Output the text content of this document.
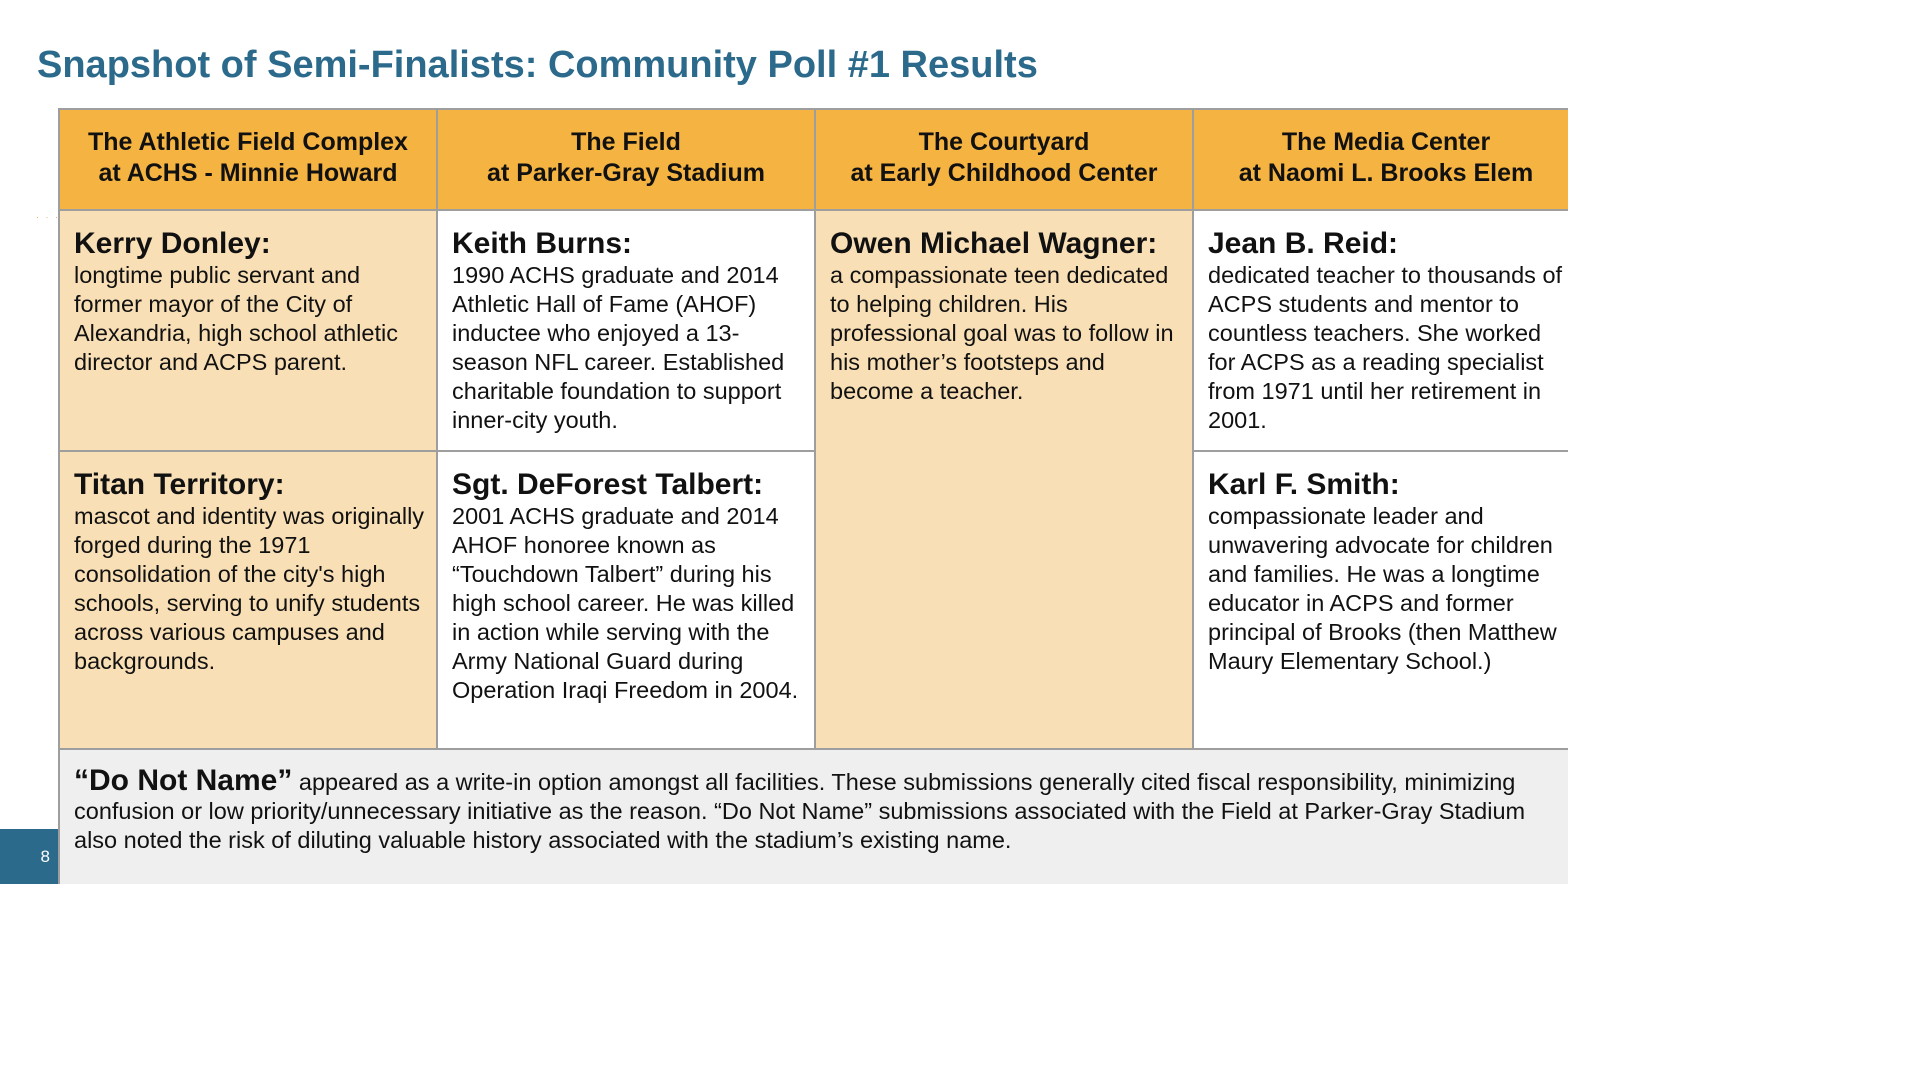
Snapshot of Semi-Finalists: Community Poll #1 Results
· · ·
The Athletic Field Complex
at ACHS - Minnie Howard
The Field
at Parker-Gray Stadium
The Courtyard
at Early Childhood Center
The Media Center
at Naomi L. Brooks Elem
Kerry Donley:
longtime public servant and former mayor of the City of Alexandria, high school athletic director and ACPS parent.
Keith Burns:
1990 ACHS graduate and 2014 Athletic Hall of Fame (AHOF) inductee who enjoyed a 13-season NFL career. Established charitable foundation to support inner-city youth.
Owen Michael Wagner:
a compassionate teen dedicated to helping children. His professional goal was to follow in his mother’s footsteps and become a teacher.
Jean B. Reid:
dedicated teacher to thousands of ACPS students and mentor to countless teachers. She worked for ACPS as a reading specialist from 1971 until her retirement in 2001.
Titan Territory:
mascot and identity was originally forged during the 1971 consolidation of the city's high schools, serving to unify students across various campuses and backgrounds.
Sgt. DeForest Talbert:
2001 ACHS graduate and 2014 AHOF honoree known as “Touchdown Talbert” during his high school career. He was killed in action while serving with the Army National Guard during Operation Iraqi Freedom in 2004.
Karl F. Smith:
compassionate leader and unwavering advocate for children and families. He was a longtime educator in ACPS and former principal of Brooks (then Matthew Maury Elementary School.)
“Do Not Name” appeared as a write-in option amongst all facilities. These submissions generally cited fiscal responsibility, minimizing confusion or low priority/unnecessary initiative as the reason. “Do Not Name” submissions associated with the Field at Parker-Gray Stadium also noted the risk of diluting valuable history associated with the stadium’s existing name.
8
